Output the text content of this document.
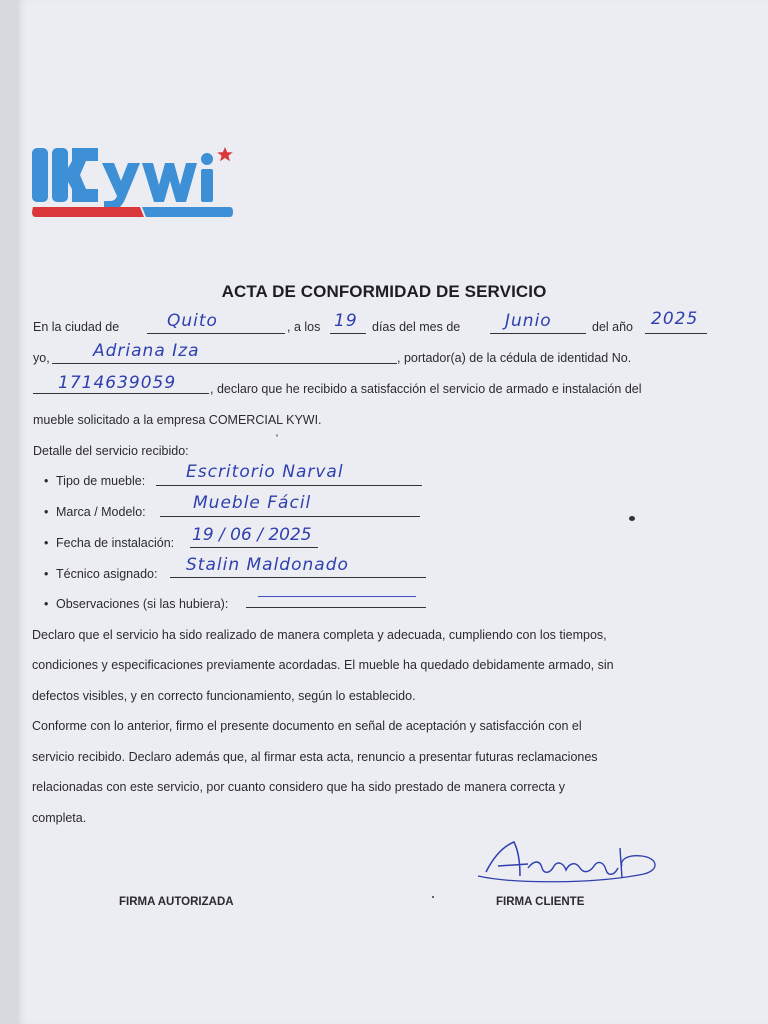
ACTA DE CONFORMIDAD DE SERVICIO
En la ciudad de	Quito	, a los 19 días del mes de	Junio	del año 2025
yo,	Adriana Iza	, portador(a) de la cédula de identidad No.
1714639059	, declaro que he recibido a satisfacción el servicio de armado e instalación del
mueble solicitado a la empresa COMERCIAL KYWI.
Detalle del servicio recibido:
• Tipo de mueble: Escritorio Narval
• Marca / Modelo:	Mueble Fácil
• Fecha de instalación: 19 / 06 / 2025
• Técnico asignado: Stalin Maldonado
• Observaciones (si las hubiera):
Declaro que el servicio ha sido realizado de manera completa y adecuada, cumpliendo con los tiempos,
condiciones y especificaciones previamente acordadas. El mueble ha quedado debidamente armado, sin
defectos visibles, y en correcto funcionamiento, según lo establecido.
Conforme con lo anterior, firmo el presente documento en señal de aceptación y satisfacción con el
servicio recibido. Declaro además que, al firmar esta acta, renuncio a presentar futuras reclamaciones
relacionadas con este servicio, por cuanto considero que ha sido prestado de manera correcta y
completa.
FIRMA AUTORIZADA	FIRMA CLIENTE
